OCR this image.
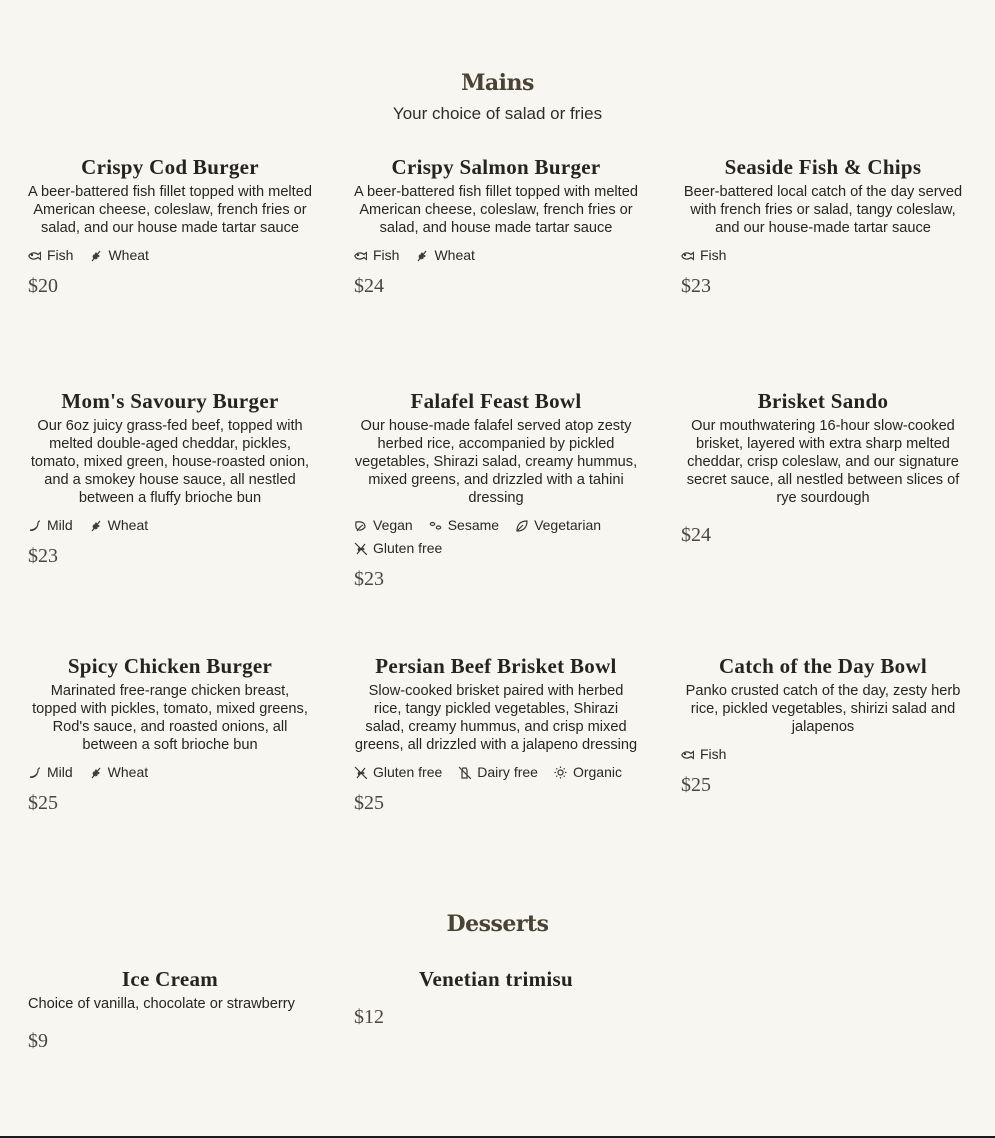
Mains
Your choice of salad or fries
Crispy Cod Burger

A beer-battered fish fillet topped with melted American cheese, coleslaw, french fries or salad, and our house made tartar sauce

Fish	Wheat
$20
Crispy Salmon Burger

A beer-battered fish fillet topped with melted American cheese, coleslaw, french fries or salad, and house made tartar sauce

Fish	Wheat
$24
Seaside Fish & Chips

Beer-battered local catch of the day served with french fries or salad, tangy coleslaw, and our house-made tartar sauce

Fish
$23
Mom's Savoury Burger

Our 6oz juicy grass-fed beef, topped with melted double-aged cheddar, pickles, tomato, mixed green, house-roasted onion, and a smokey house sauce, all nestled between a fluffy brioche bun

Mild	Wheat
$23
Falafel Feast Bowl

Our house-made falafel served atop zesty herbed rice, accompanied by pickled vegetables, Shirazi salad, creamy hummus, mixed greens, and drizzled with a tahini dressing

Vegan	Sesame	Vegetarian
Gluten free
$23
Brisket Sando

Our mouthwatering 16-hour slow-cooked brisket, layered with extra sharp melted cheddar, crisp coleslaw, and our signature secret sauce, all nestled between slices of rye sourdough

$24
Spicy Chicken Burger

Marinated free-range chicken breast, topped with pickles, tomato, mixed greens, Rod's sauce, and roasted onions, all between a soft brioche bun

Mild	Wheat
$25
Persian Beef Brisket Bowl

Slow-cooked brisket paired with herbed rice, tangy pickled vegetables, Shirazi salad, creamy hummus, and crisp mixed greens, all drizzled with a jalapeno dressing

Gluten free	Dairy free	Organic
$25
Catch of the Day Bowl

Panko crusted catch of the day, zesty herb rice, pickled vegetables, shirizi salad and jalapenos

Fish
$25
Desserts
Ice Cream

Choice of vanilla, chocolate or strawberry

$9
Venetian trimisu
$12
